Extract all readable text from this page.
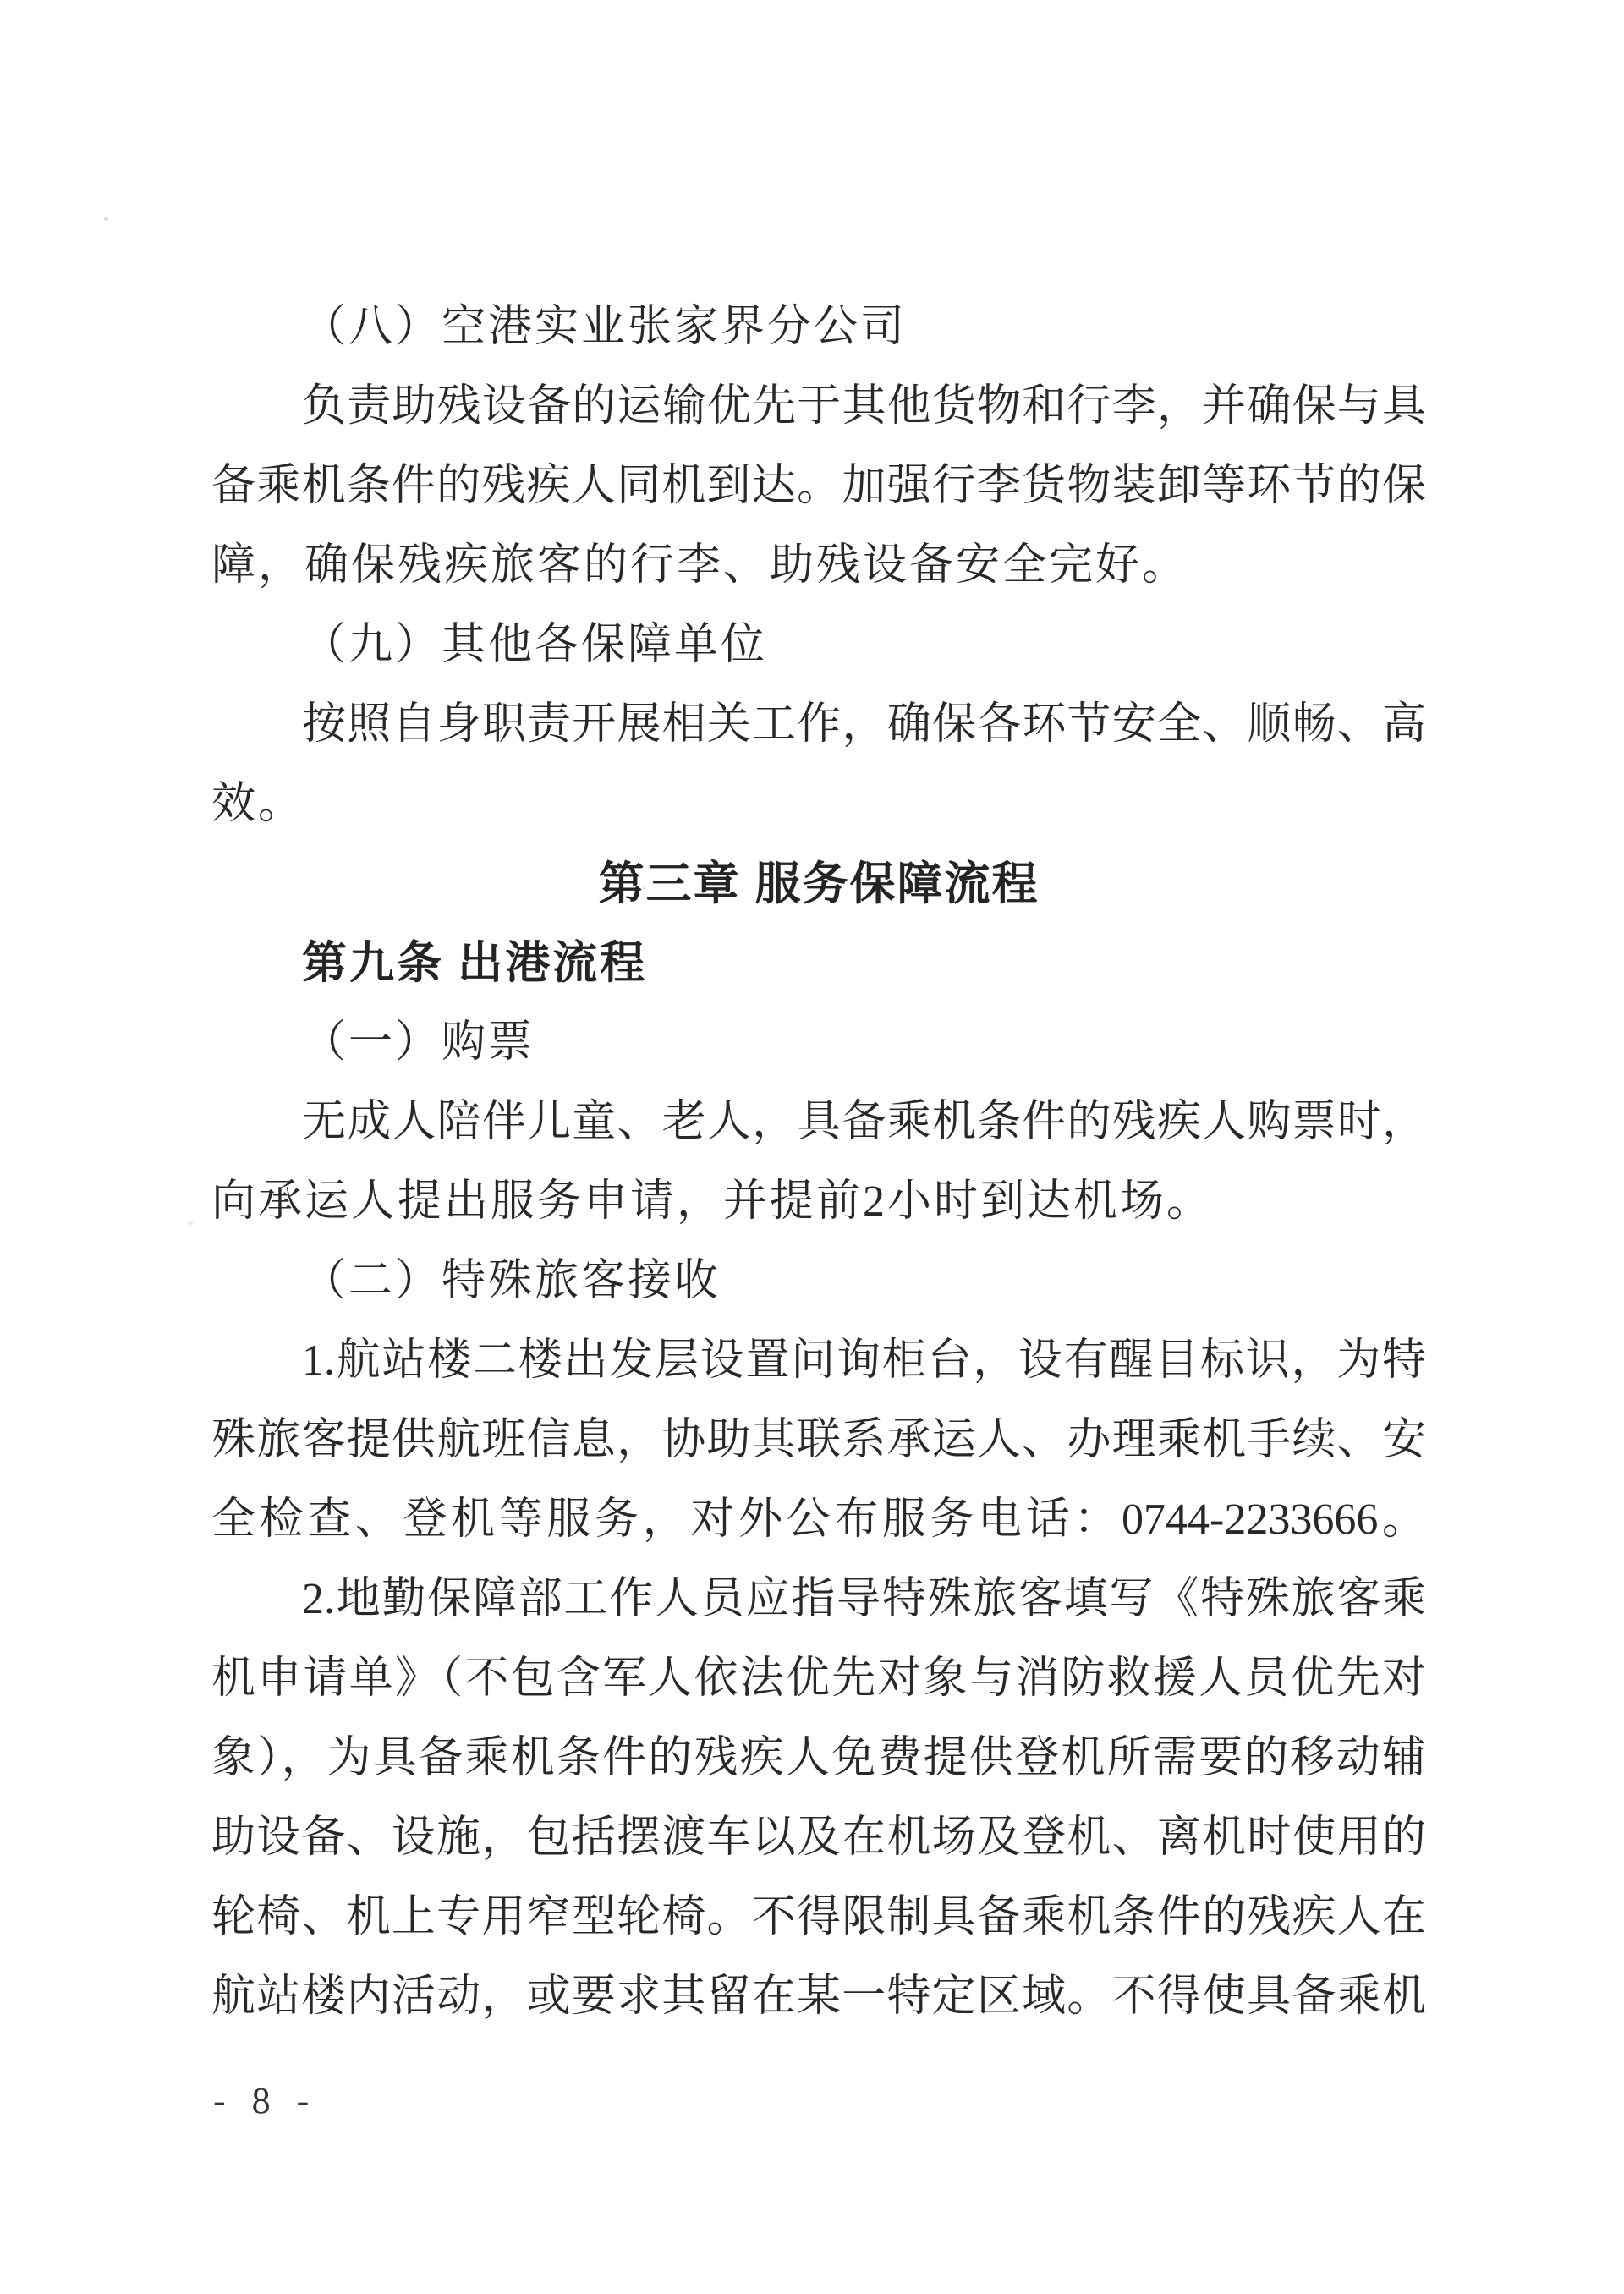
（八）空港实业张家界分公司
负责助残设备的运输优先于其他货物和行李，并确保与具
备乘机条件的残疾人同机到达。加强行李货物装卸等环节的保
障，确保残疾旅客的行李、助残设备安全完好。
（九）其他各保障单位
按照自身职责开展相关工作，确保各环节安全、顺畅、高
效。
第三章 服务保障流程
第九条 出港流程
（一）购票
无成人陪伴儿童、老人，具备乘机条件的残疾人购票时，
向承运人提出服务申请，并提前2小时到达机场。
（二）特殊旅客接收
1.航站楼二楼出发层设置问询柜台，设有醒目标识，为特
殊旅客提供航班信息，协助其联系承运人、办理乘机手续、安
全检查、登机等服务，对外公布服务电话：0744-2233666。
2.地勤保障部工作人员应指导特殊旅客填写《特殊旅客乘
机申请单》（不包含军人依法优先对象与消防救援人员优先对
象），为具备乘机条件的残疾人免费提供登机所需要的移动辅
助设备、设施，包括摆渡车以及在机场及登机、离机时使用的
轮椅、机上专用窄型轮椅。不得限制具备乘机条件的残疾人在
航站楼内活动，或要求其留在某一特定区域。不得使具备乘机
- 8 -
